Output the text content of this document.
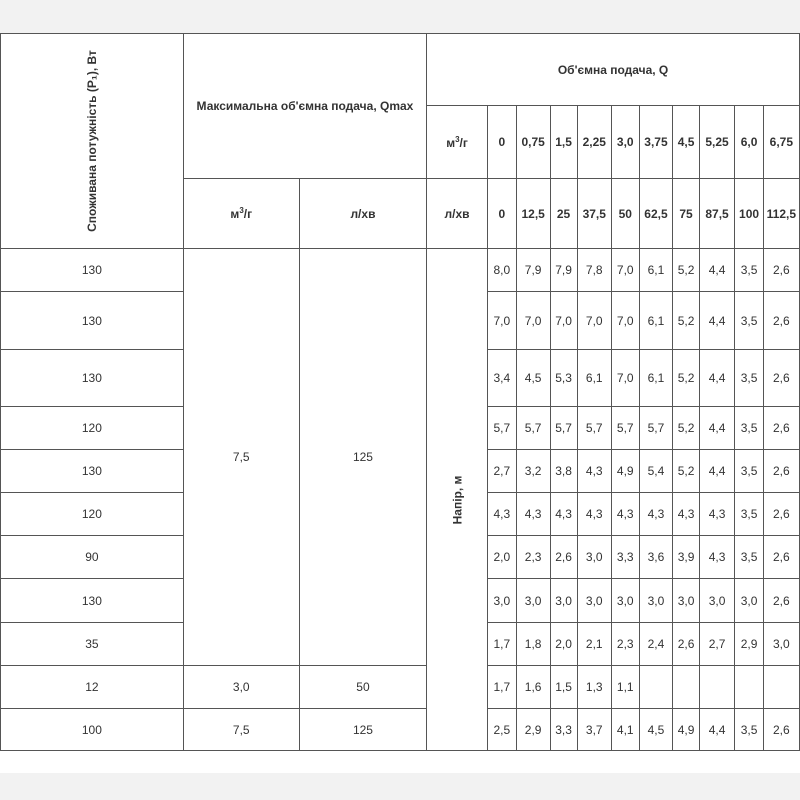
Споживана потужність (P₁), Вт	Максимальна об'ємна подача, Qmax		Об'ємна подача, Q										
			$м^3/г$	0	0,75	1,5	2,25	3,0	3,75	4,5	5,25	6,0	6,75
	$м^3/г$	л/хв	л/хв	0	12,5	25	37,5	50	62,5	75	87,5	100	112,5
130	7,5	125	Напір, м	8,0	7,9	7,9	7,8	7,0	6,1	5,2	4,4	3,5	2,6
130				7,0	7,0	7,0	7,0	7,0	6,1	5,2	4,4	3,5	2,6
130				3,4	4,5	5,3	6,1	7,0	6,1	5,2	4,4	3,5	2,6
120				5,7	5,7	5,7	5,7	5,7	5,7	5,2	4,4	3,5	2,6
130				2,7	3,2	3,8	4,3	4,9	5,4	5,2	4,4	3,5	2,6
120				4,3	4,3	4,3	4,3	4,3	4,3	4,3	4,3	3,5	2,6
90				2,0	2,3	2,6	3,0	3,3	3,6	3,9	4,3	3,5	2,6
130				3,0	3,0	3,0	3,0	3,0	3,0	3,0	3,0	3,0	2,6
35				1,7	1,8	2,0	2,1	2,3	2,4	2,6	2,7	2,9	3,0
12	3,0	50		1,7	1,6	1,5	1,3	1,1					
100	7,5	125		2,5	2,9	3,3	3,7	4,1	4,5	4,9	4,4	3,5	2,6
